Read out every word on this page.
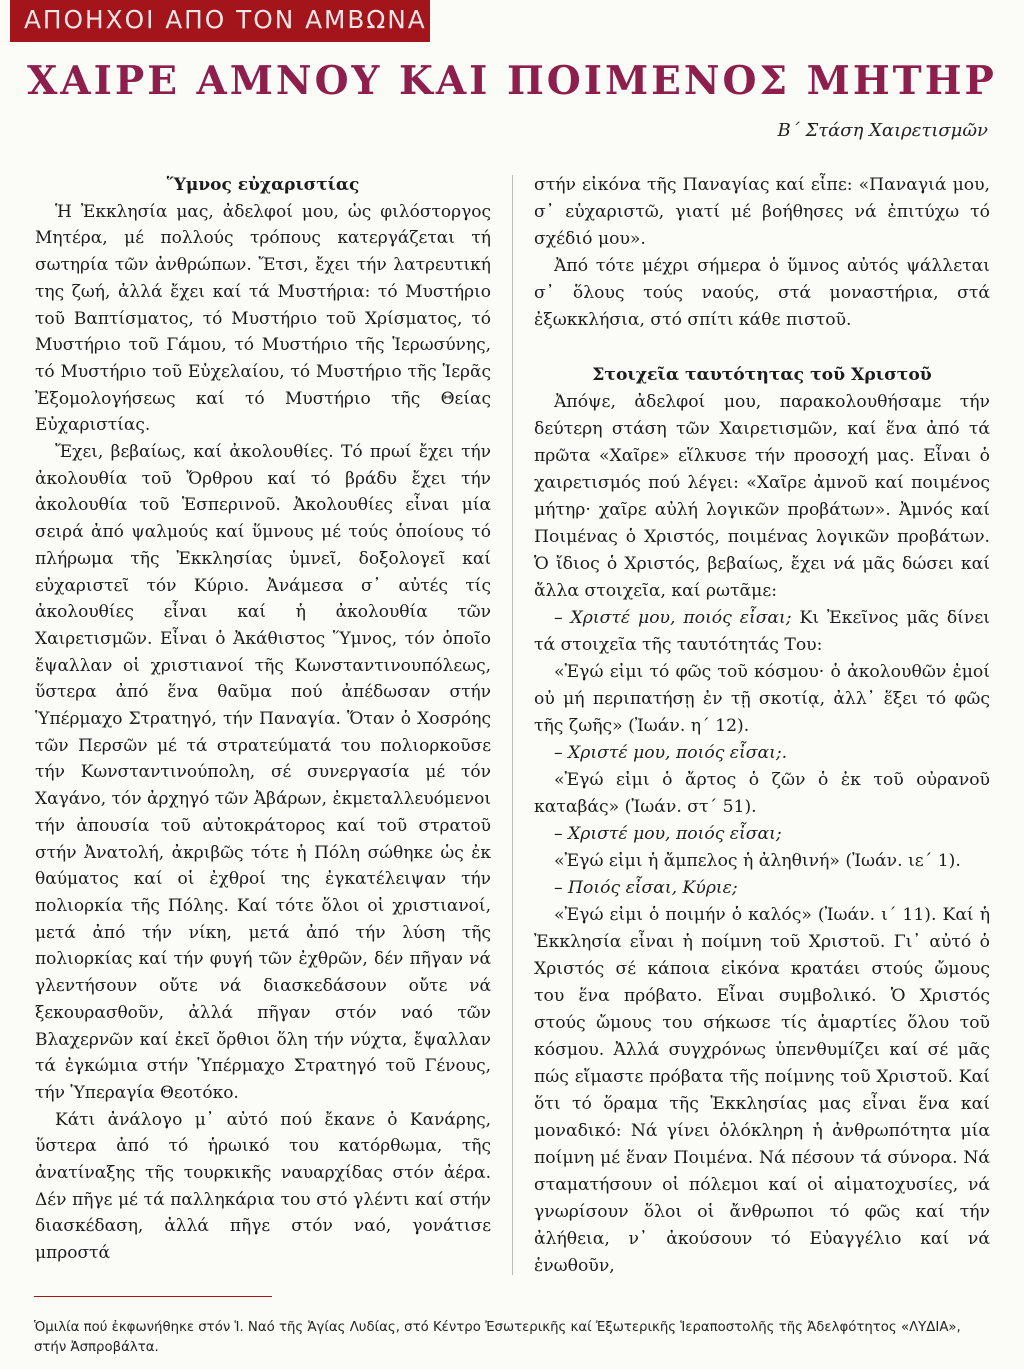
ΑΠΟΗΧΟΙ ΑΠΟ ΤΟΝ ΑΜΒΩΝΑ
ΧΑΙΡΕ ΑΜΝΟΥ ΚΑΙ ΠΟΙΜΕΝΟΣ ΜΗΤΗΡ
Β΄ Στάση Χαιρετισμῶν
Ὕμνος εὐχαριστίας

Ἡ Ἐκκλησία μας, ἀδελφοί μου, ὡς φιλόστοργος Μητέρα, μέ πολλούς τρόπους κατεργάζεται τή σωτηρία τῶν ἀνθρώπων. Ἔτσι, ἔχει τήν λατρευτική της ζωή, ἀλλά ἔχει καί τά Μυστήρια: τό Μυστήριο τοῦ Βαπτίσματος, τό Μυστήριο τοῦ Χρίσματος, τό Μυστήριο τοῦ Γάμου, τό Μυστήριο τῆς Ἱερωσύνης, τό Μυστήριο τοῦ Εὐχελαίου, τό Μυστήριο τῆς Ἱερᾶς Ἐξομολογήσεως καί τό Μυστήριο τῆς Θείας Εὐχαριστίας.

Ἔχει, βεβαίως, καί ἀκολουθίες. Τό πρωί ἔχει τήν ἀκολουθία τοῦ Ὄρθρου καί τό βράδυ ἔχει τήν ἀκολουθία τοῦ Ἑσπερινοῦ. Ἀκολουθίες εἶναι μία σειρά ἀπό ψαλμούς καί ὕμνους μέ τούς ὁποίους τό πλήρωμα τῆς Ἐκκλησίας ὑμνεῖ, δοξολογεῖ καί εὐχαριστεῖ τόν Κύριο. Ἀνάμεσα σ᾽ αὐτές τίς ἀκολουθίες εἶναι καί ἡ ἀκολουθία τῶν Χαιρετισμῶν. Εἶναι ὁ Ἀκάθιστος Ὕμνος, τόν ὁποῖο ἔψαλλαν οἱ χριστιανοί τῆς Κωνσταντινουπόλεως, ὕστερα ἀπό ἕνα θαῦμα πού ἀπέδωσαν στήν Ὑπέρμαχο Στρατηγό, τήν Παναγία. Ὅταν ὁ Χοσρόης τῶν Περσῶν μέ τά στρατεύματά του πολιορκοῦσε τήν Κωνσταντινούπολη, σέ συνεργασία μέ τόν Χαγάνο, τόν ἀρχηγό τῶν Ἀβάρων, ἐκμεταλλευόμενοι τήν ἀπουσία τοῦ αὐτοκράτορος καί τοῦ στρατοῦ στήν Ἀνατολή, ἀκριβῶς τότε ἡ Πόλη σώθηκε ὡς ἐκ θαύματος καί οἱ ἐχθροί της ἐγκατέλειψαν τήν πολιορκία τῆς Πόλης. Καί τότε ὅλοι οἱ χριστιανοί, μετά ἀπό τήν νίκη, μετά ἀπό τήν λύση τῆς πολιορκίας καί τήν φυγή τῶν ἐχθρῶν, δέν πῆγαν νά γλεντήσουν οὔτε νά διασκεδάσουν οὔτε νά ξεκουρασθοῦν, ἀλλά πῆγαν στόν ναό τῶν Βλαχερνῶν καί ἐκεῖ ὄρθιοι ὅλη τήν νύχτα, ἔψαλλαν τά ἐγκώμια στήν Ὑπέρμαχο Στρατηγό τοῦ Γένους, τήν Ὑπεραγία Θεοτόκο.

Κάτι ἀνάλογο μ᾽ αὐτό πού ἔκανε ὁ Κανάρης, ὕστερα ἀπό τό ἡρωικό του κατόρθωμα, τῆς ἀνατίναξης τῆς τουρκικῆς ναυαρχίδας στόν ἀέρα. Δέν πῆγε μέ τά παλληκάρια του στό γλέντι καί στήν διασκέδαση, ἀλλά πῆγε στόν ναό, γονάτισε μπροστά

στήν εἰκόνα τῆς Παναγίας καί εἶπε: «Παναγιά μου, σ᾽ εὐχαριστῶ, γιατί μέ βοήθησες νά ἐπιτύχω τό σχέδιό μου».

Ἀπό τότε μέχρι σήμερα ὁ ὕμνος αὐτός ψάλλεται σ᾽ ὅλους τούς ναούς, στά μοναστήρια, στά ἐξωκκλήσια, στό σπίτι κάθε πιστοῦ.

Στοιχεῖα ταυτότητας τοῦ Χριστοῦ

Ἀπόψε, ἀδελφοί μου, παρακολουθήσαμε τήν δεύτερη στάση τῶν Χαιρετισμῶν, καί ἕνα ἀπό τά πρῶτα «Χαῖρε» εἵλκυσε τήν προσοχή μας. Εἶναι ὁ χαιρετισμός πού λέγει: «Χαῖρε ἀμνοῦ καί ποιμένος μήτηρ· χαῖρε αὐλή λογικῶν προβάτων». Ἀμνός καί Ποιμένας ὁ Χριστός, ποιμένας λογικῶν προβάτων. Ὁ ἴδιος ὁ Χριστός, βεβαίως, ἔχει νά μᾶς δώσει καί ἄλλα στοιχεῖα, καί ρωτᾶμε:

– Χριστέ μου, ποιός εἶσαι; Κι Ἐκεῖνος μᾶς δίνει τά στοιχεῖα τῆς ταυτότητάς Του:

«Ἐγώ εἰμι τό φῶς τοῦ κόσμου· ὁ ἀκολουθῶν ἐμοί οὐ μή περιπατήσῃ ἐν τῇ σκοτίᾳ, ἀλλ᾽ ἕξει τό φῶς τῆς ζωῆς» (Ἰωάν. η΄ 12).

– Χριστέ μου, ποιός εἶσαι;.

«Ἐγώ εἰμι ὁ ἄρτος ὁ ζῶν ὁ ἐκ τοῦ οὐρανοῦ καταβάς» (Ἰωάν. στ΄ 51).

– Χριστέ μου, ποιός εἶσαι;

«Ἐγώ εἰμι ἡ ἄμπελος ἡ ἀληθινή» (Ἰωάν. ιε΄ 1).

– Ποιός εἶσαι, Κύριε;

«Ἐγώ εἰμι ὁ ποιμήν ὁ καλός» (Ἰωάν. ι΄ 11). Καί ἡ Ἐκκλησία εἶναι ἡ ποίμνη τοῦ Χριστοῦ. Γι᾽ αὐτό ὁ Χριστός σέ κάποια εἰκόνα κρατάει στούς ὤμους του ἕνα πρόβατο. Εἶναι συμβολικό. Ὁ Χριστός στούς ὤμους του σήκωσε τίς ἁμαρτίες ὅλου τοῦ κόσμου. Ἀλλά συγχρόνως ὑπενθυμίζει καί σέ μᾶς πώς εἴμαστε πρόβατα τῆς ποίμνης τοῦ Χριστοῦ. Καί ὅτι τό ὅραμα τῆς Ἐκκλησίας μας εἶναι ἕνα καί μοναδικό: Νά γίνει ὁλόκληρη ἡ ἀνθρωπότητα μία ποίμνη μέ ἕναν Ποιμένα. Νά πέσουν τά σύνορα. Νά σταματήσουν οἱ πόλεμοι καί οἱ αἱματοχυσίες, νά γνωρίσουν ὅλοι οἱ ἄνθρωποι τό φῶς καί τήν ἀλήθεια, ν᾽ ἀκούσουν τό Εὐαγγέλιο καί νά ἑνωθοῦν,

Ὁμιλία πού ἐκφωνήθηκε στόν Ἱ. Ναό τῆς Ἁγίας Λυδίας, στό Κέντρο Ἐσωτερικῆς καί Ἐξωτερικῆς Ἱεραποστολῆς τῆς Ἀδελφότητος «ΛΥΔΙΑ», στήν Ἀσπροβάλτα.
